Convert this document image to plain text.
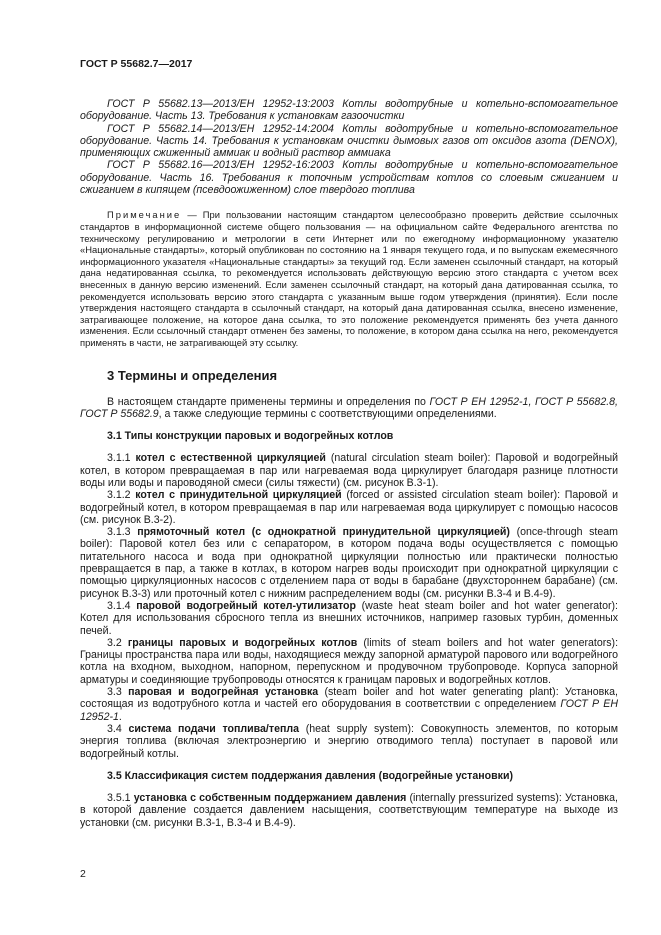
ГОСТ Р 55682.7—2017

ГОСТ Р 55682.13—2013/ЕН 12952-13:2003 Котлы водотрубные и котельно-вспомогательное оборудование. Часть 13. Требования к установкам газоочистки

ГОСТ Р 55682.14—2013/ЕН 12952-14:2004 Котлы водотрубные и котельно-вспомогательное оборудование. Часть 14. Требования к установкам очистки дымовых газов от оксидов азота (DENOX), применяющих сжиженный аммиак и водный раствор аммиака

ГОСТ Р 55682.16—2013/ЕН 12952-16:2003 Котлы водотрубные и котельно-вспомогательное оборудование. Часть 16. Требования к топочным устройствам котлов со слоевым сжиганием и сжиганием в кипящем (псевдоожиженном) слое твердого топлива

Примечание — При пользовании настоящим стандартом целесообразно проверить действие ссылочных стандартов в информационной системе общего пользования — на официальном сайте Федерального агентства по техническому регулированию и метрологии в сети Интернет или по ежегодному информационному указателю «Национальные стандарты», который опубликован по состоянию на 1 января текущего года, и по выпускам ежемесячного информационного указателя «Национальные стандарты» за текущий год. Если заменен ссылочный стандарт, на который дана недатированная ссылка, то рекомендуется использовать действующую версию этого стандарта с учетом всех внесенных в данную версию изменений. Если заменен ссылочный стандарт, на который дана датированная ссылка, то рекомендуется использовать версию этого стандарта с указанным выше годом утверждения (принятия). Если после утверждения настоящего стандарта в ссылочный стандарт, на который дана датированная ссылка, внесено изменение, затрагивающее положение, на которое дана ссылка, то это положение рекомендуется применять без учета данного изменения. Если ссылочный стандарт отменен без замены, то положение, в котором дана ссылка на него, рекомендуется применять в части, не затрагивающей эту ссылку.

3 Термины и определения

В настоящем стандарте применены термины и определения по ГОСТ Р ЕН 12952-1, ГОСТ Р 55682.8, ГОСТ Р 55682.9, а также следующие термины с соответствующими определениями.

3.1 Типы конструкции паровых и водогрейных котлов

3.1.1 котел с естественной циркуляцией (natural circulation steam boiler): Паровой и водогрейный котел, в котором превращаемая в пар или нагреваемая вода циркулирует благодаря разнице плотности воды или воды и пароводяной смеси (силы тяжести) (см. рисунок В.3-1).

3.1.2 котел с принудительной циркуляцией (forced or assisted circulation steam boiler): Паровой и водогрейный котел, в котором превращаемая в пар или нагреваемая вода циркулирует с помощью насосов (см. рисунок В.3-2).

3.1.3 прямоточный котел (с однократной принудительной циркуляцией) (once-through steam boiler): Паровой котел без или с сепаратором, в котором подача воды осуществляется с помощью питательного насоса и вода при однократной циркуляции полностью или практически полностью превращается в пар, а также в котлах, в котором нагрев воды происходит при однократной циркуляции с помощью циркуляционных насосов с отделением пара от воды в барабане (двухстороннем барабане) (см. рисунок В.3-3) или проточный котел с нижним распределением воды (см. рисунки В.3-4 и В.4-9).

3.1.4 паровой водогрейный котел-утилизатор (waste heat steam boiler and hot water generator): Котел для использования сбросного тепла из внешних источников, например газовых турбин, доменных печей.

3.2 границы паровых и водогрейных котлов (limits of steam boilers and hot water generators): Границы пространства пара или воды, находящиеся между запорной арматурой парового или водогрейного котла на входном, выходном, напорном, перепускном и продувочном трубопроводе. Корпуса запорной арматуры и соединяющие трубопроводы относятся к границам паровых и водогрейных котлов.

3.3 паровая и водогрейная установка (steam boiler and hot water generating plant): Установка, состоящая из водотрубного котла и частей его оборудования в соответствии с определением ГОСТ Р ЕН 12952-1.

3.4 система подачи топлива/тепла (heat supply system): Совокупность элементов, по которым энергия топлива (включая электроэнергию и энергию отводимого тепла) поступает в паровой или водогрейный котлы.

3.5 Классификация систем поддержания давления (водогрейные установки)

3.5.1 установка с собственным поддержанием давления (internally pressurized systems): Установка, в которой давление создается давлением насыщения, соответствующим температуре на выходе из установки (см. рисунки В.3-1, В.3-4 и В.4-9).

2
